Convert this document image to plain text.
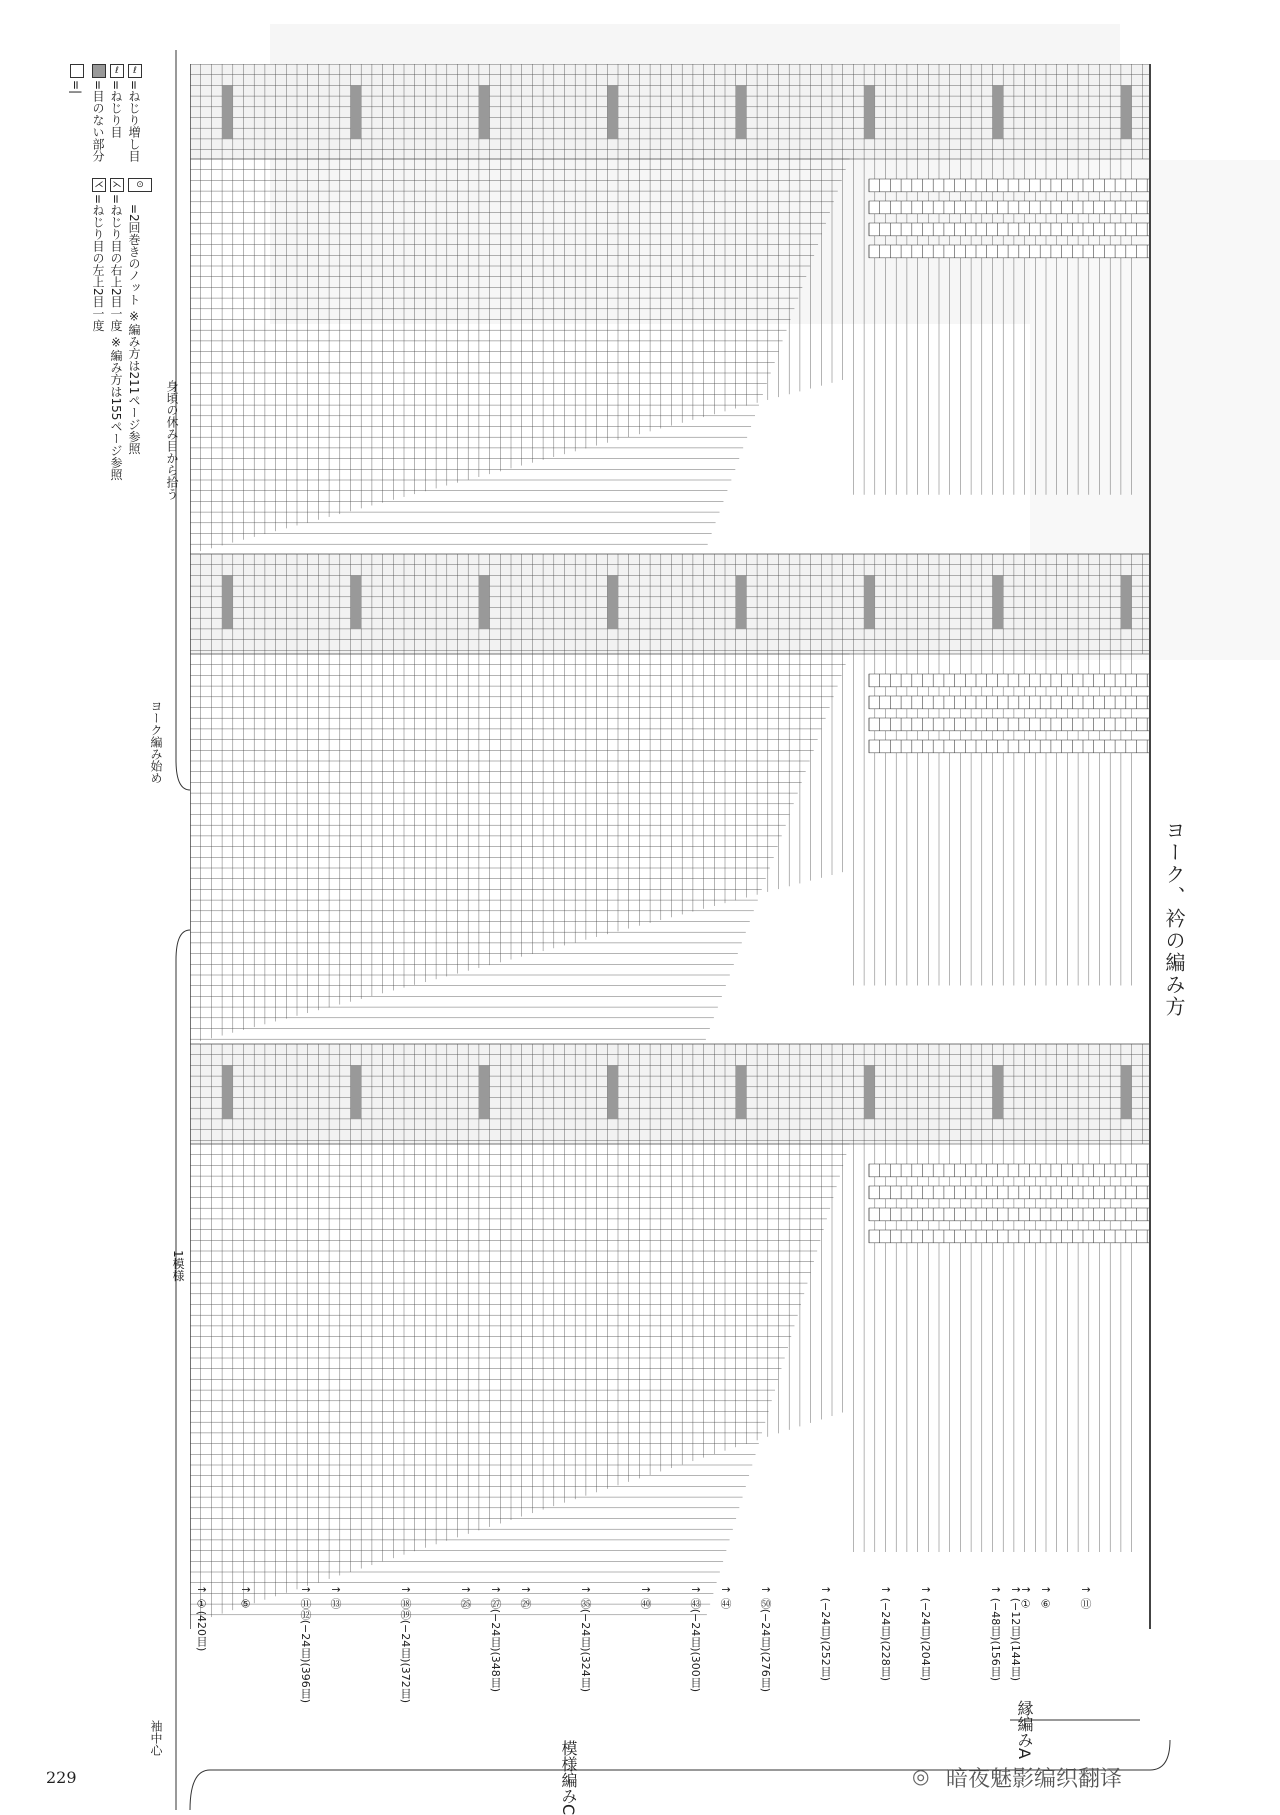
=| =目のない部分
ℓ
=ねじり目
ℓ
=ねじり増し目
⋌
=ねじり目の左上2目一度
⋋
=ねじり目の右上2目一度 ※編み方は155ページ参照
⊙
=2回巻きのノット ※編み方は211ページ参照 身頃の休み目から拾う
ヨーク編み始め
1模様
袖中心
↑ ①(420目)	↑ ⑤	↑ ⑪⑫(−24目)(396目) ↑ ⑬	↑ ⑱⑲(−24目)(372目)	↑ ㉕ ↑ ㉗(−24目)(348目) ↑ ㉙	↑ ㉟(−24目)(324目)	↑ ㊵	↑ ㊸(−24目)(300目) ↑ ㊹ ↑ ㊿(−24目)(276目)	↑ (−24目)(252目)	↑ (−24目)(228目) ↑ (−24目)(204目)	↑ (−48目)(156目) ↑ (−12目)(144目)
↑ ① ↑ ⑥ ↑ ⑪
縁編みA
模様編みC
ヨーク、衿の編み方
229	◎ 暗夜魅影编织翻译
